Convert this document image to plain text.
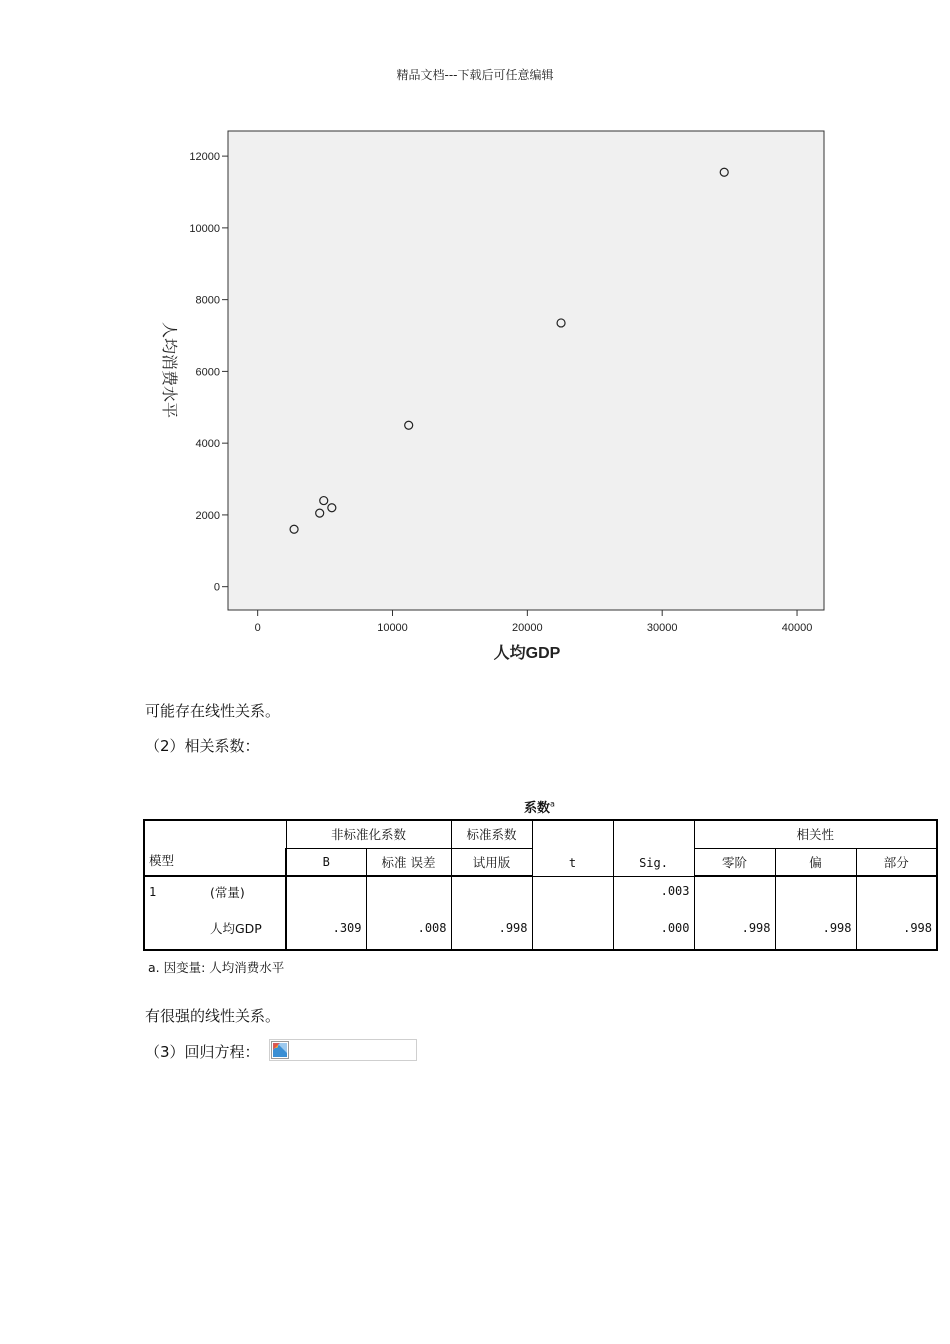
精品文档---下载后可任意编辑
0
2000
4000
6000
8000
10000
12000
0	10000	20000	30000	40000
人均GDP
人均消费水平
可能存在线性关系。
（2）相关系数：
系数$^a$
		非标准化系数		标准系数	t	Sig.	相关性		
模型		B	标准 误差	试用版			零阶	偏	部分
1	(常量)					.003			
	人均GDP	.309	.008	.998		.000	.998	.998	.998
a. 因变量: 人均消费水平
有很强的线性关系。
（3）回归方程：
